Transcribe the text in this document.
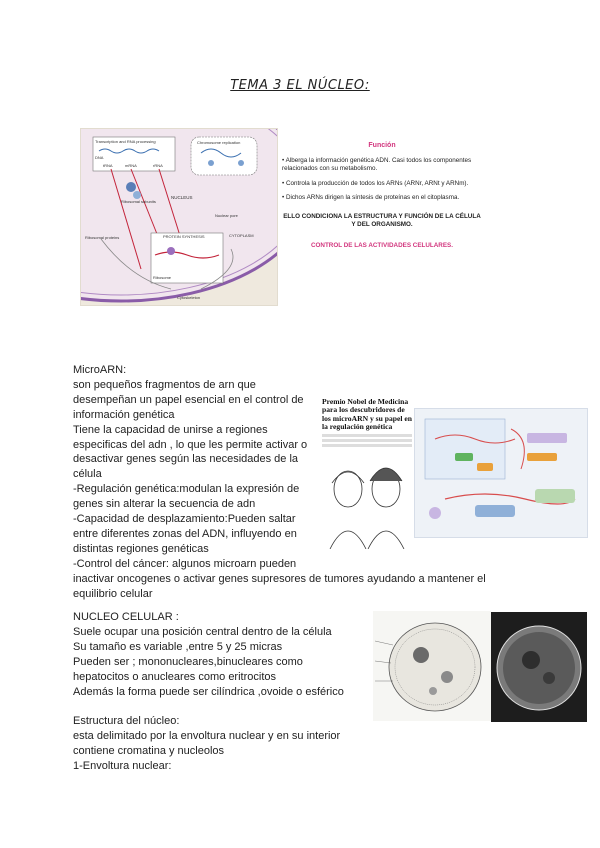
TEMA 3 EL NÚCLEO:
Transcription and RNA processing	Chromosome replication
DNA
mRNA
tRNA	rRNA
Ribosomal subunits
NUCLEUS
Nuclear pore
PROTEIN SYNTHESIS
Ribosomal proteins	CYTOPLASM
Ribosome
Cytoskeleton
Función

• Alberga la información genética ADN. Casi todos los componentes relacionados con su metabolismo.

• Controla la producción de todos los ARNs (ARNr, ARNt y ARNm).

• Dichos ARNs dirigen la síntesis de proteínas en el citoplasma.

ELLO CONDICIONA LA ESTRUCTURA Y FUNCIÓN DE LA CÉLULA Y DEL ORGANISMO.
CONTROL DE LAS ACTIVIDADES CELULARES.
MicroARN:
son pequeños fragmentos de arn que
desempeñan un papel esencial en el control de
información genética
Tiene la capacidad de unirse a regiones
especificas del adn , lo que les permite activar o
desactivar genes según las necesidades de la
célula
-Regulación genética:modulan la expresión de
genes sin alterar la secuencia de adn
-Capacidad de desplazamiento:Pueden saltar
entre diferentes zonas del ADN, influyendo en
distintas regiones genéticas
-Control del cáncer: algunos microarn pueden
inactivar oncogenes o activar genes supresores de tumores ayudando a mantener el
equilibrio celular
Premio Nobel de Medicina para los descubridores de los microARN y su papel en la regulación genética
NUCLEO CELULAR :
Suele ocupar una posición central dentro de la célula
Su tamaño es variable ,entre 5 y 25 micras
Pueden ser ; mononucleares,binucleares como
hepatocitos o anucleares como eritrocitos
Además la forma puede ser cilíndrica ,ovoide o esférico
Estructura del núcleo:
esta delimitado por la envoltura nuclear y en su interior
contiene cromatina y nucleolos
1-Envoltura nuclear:
